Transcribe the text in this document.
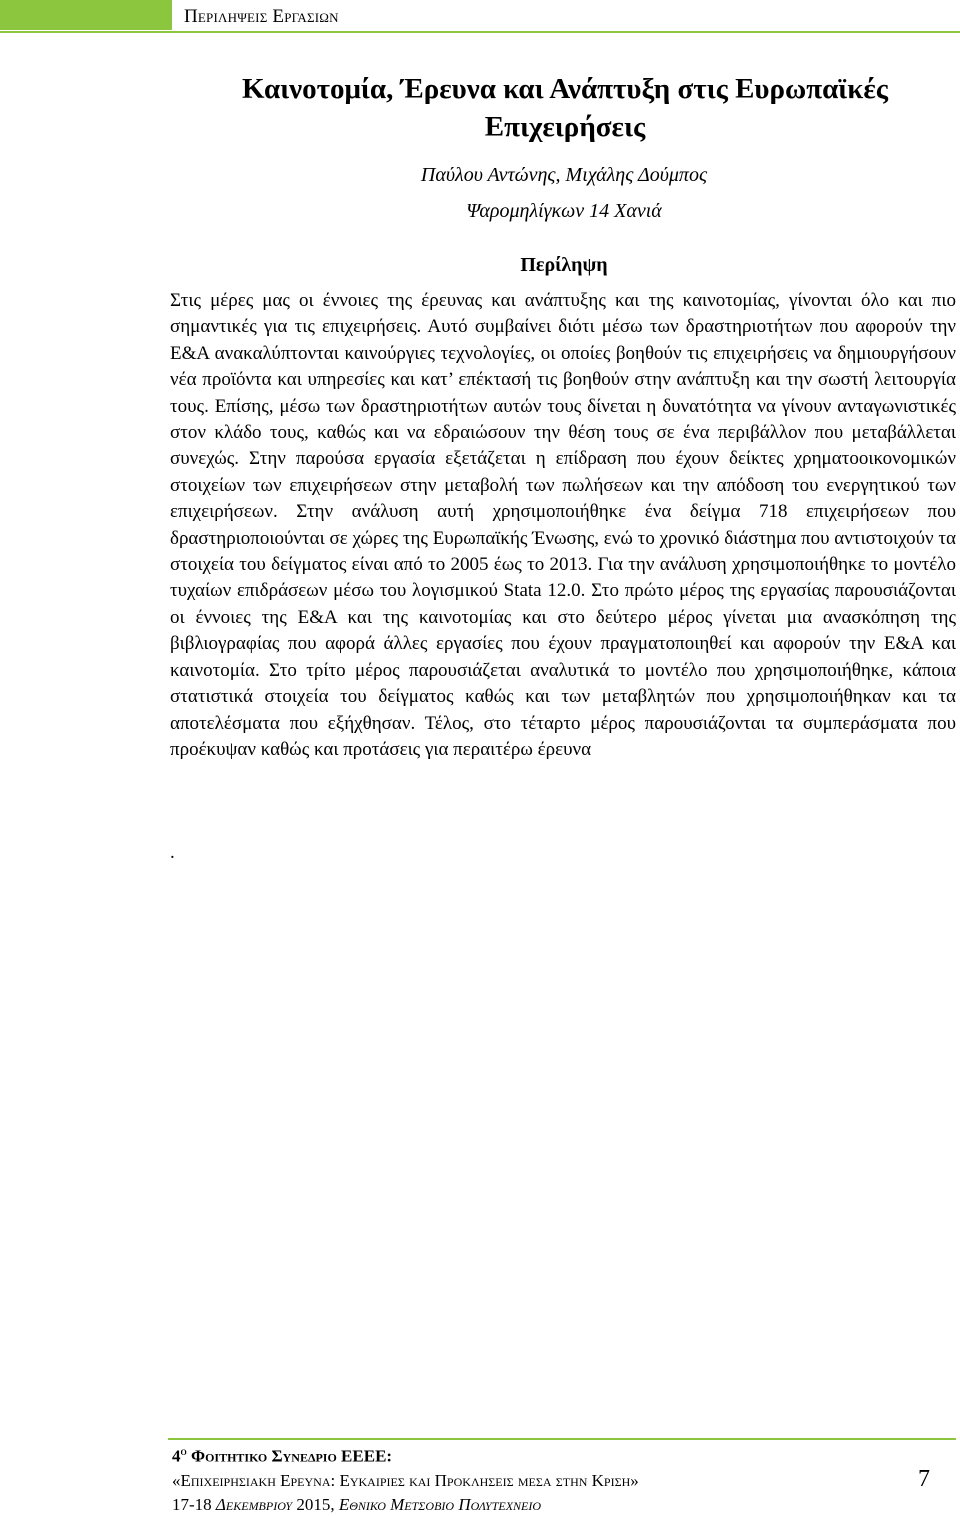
Περιληψεις Εργασιων
Καινοτομία, Έρευνα και Ανάπτυξη στις Ευρωπαϊκές Επιχειρήσεις
Παύλου Αντώνης, Μιχάλης Δούμπος
Ψαρομηλίγκων 14 Χανιά
Περίληψη
Στις μέρες μας οι έννοιες της έρευνας και ανάπτυξης και της καινοτομίας, γίνονται όλο και πιο σημαντικές για τις επιχειρήσεις. Αυτό συμβαίνει διότι μέσω των δραστηριοτήτων που αφορούν την Ε&Α ανακαλύπτονται καινούργιες τεχνολογίες, οι οποίες βοηθούν τις επιχειρήσεις να δημιουργήσουν νέα προϊόντα και υπηρεσίες και κατ’ επέκτασή τις βοηθούν στην ανάπτυξη και την σωστή λειτουργία τους. Επίσης, μέσω των δραστηριοτήτων αυτών τους δίνεται η δυνατότητα να γίνουν ανταγωνιστικές στον κλάδο τους, καθώς και να εδραιώσουν την θέση τους σε ένα περιβάλλον που μεταβάλλεται συνεχώς. Στην παρούσα εργασία εξετάζεται η επίδραση που έχουν δείκτες χρηματοοικονομικών στοιχείων των επιχειρήσεων στην μεταβολή των πωλήσεων και την απόδοση του ενεργητικού των επιχειρήσεων. Στην ανάλυση αυτή χρησιμοποιήθηκε ένα δείγμα 718 επιχειρήσεων που δραστηριοποιούνται σε χώρες της Ευρωπαϊκής Ένωσης, ενώ το χρονικό διάστημα που αντιστοιχούν τα στοιχεία του δείγματος είναι από το 2005 έως το 2013. Για την ανάλυση χρησιμοποιήθηκε το μοντέλο τυχαίων επιδράσεων μέσω του λογισμικού Stata 12.0. Στο πρώτο μέρος της εργασίας παρουσιάζονται οι έννοιες της Ε&Α και της καινοτομίας και στο δεύτερο μέρος γίνεται μια ανασκόπηση της βιβλιογραφίας που αφορά άλλες εργασίες που έχουν πραγματοποιηθεί και αφορούν την Ε&Α και καινοτομία. Στο τρίτο μέρος παρουσιάζεται αναλυτικά το μοντέλο που χρησιμοποιήθηκε, κάποια στατιστικά στοιχεία του δείγματος καθώς και των μεταβλητών που χρησιμοποιήθηκαν και τα αποτελέσματα που εξήχθησαν. Τέλος, στο τέταρτο μέρος παρουσιάζονται τα συμπεράσματα που προέκυψαν καθώς και προτάσεις για περαιτέρω έρευνα
.
$4^o$ Φοιτητικο Συνεδριο ΕΕΕΕ:
«Επιχειρησιακη Ερευνα: Ευκαιριες και Προκλησεις μεσα στην Κριση»
17-18 Δεκεμβριου 2015, Εθνικο Μετσοβιο Πολυτεχνειο
7
